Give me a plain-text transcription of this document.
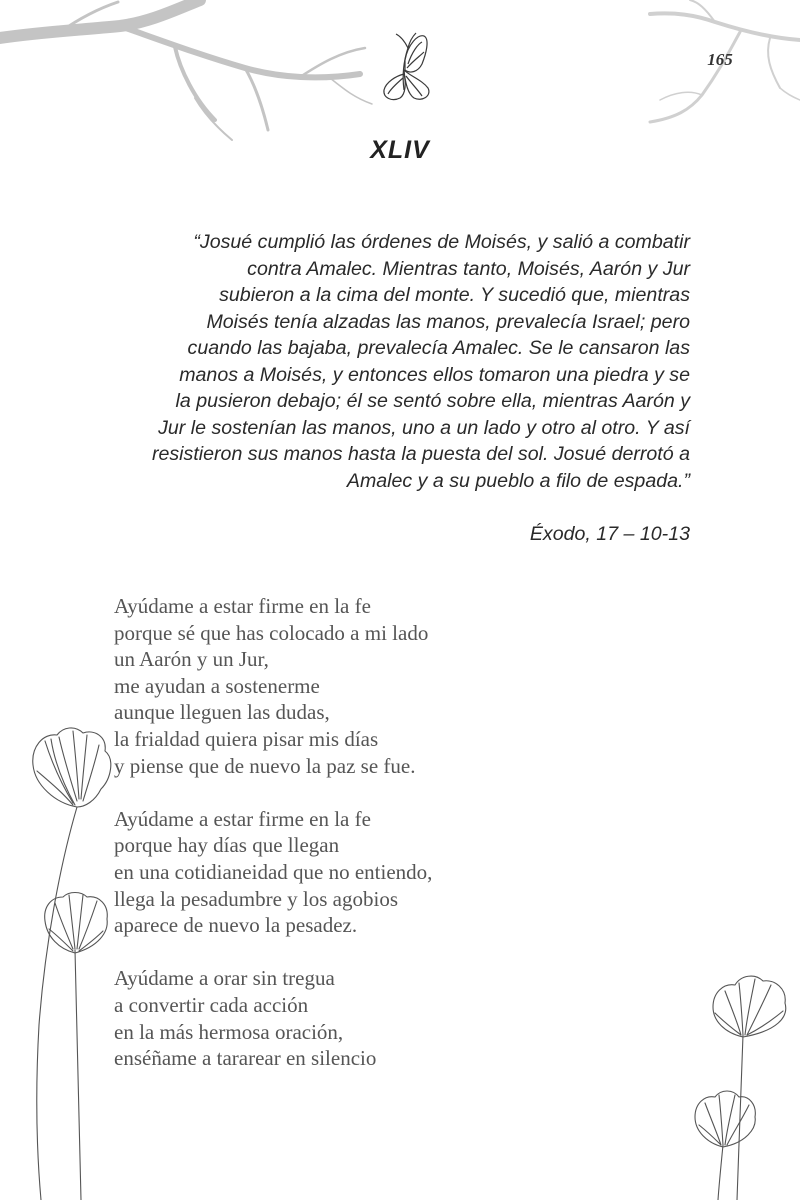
165
XLIV
“Josué cumplió las órdenes de Moisés, y salió a combatir
contra Amalec. Mientras tanto, Moisés, Aarón y Jur
subieron a la cima del monte. Y sucedió que, mientras
Moisés tenía alzadas las manos, prevalecía Israel; pero
cuando las bajaba, prevalecía Amalec. Se le cansaron las
manos a Moisés, y entonces ellos tomaron una piedra y se
la pusieron debajo; él se sentó sobre ella, mientras Aarón y
Jur le sostenían las manos, uno a un lado y otro al otro. Y así
resistieron sus manos hasta la puesta del sol. Josué derrotó a
Amalec y a su pueblo a filo de espada.”
Éxodo, 17 – 10-13
Ayúdame a estar firme en la fe
porque sé que has colocado a mi lado
un Aarón y un Jur,
me ayudan a sostenerme
aunque lleguen las dudas,
la frialdad quiera pisar mis días
y piense que de nuevo la paz se fue.
Ayúdame a estar firme en la fe
porque hay días que llegan
en una cotidianeidad que no entiendo,
llega la pesadumbre y los agobios
aparece de nuevo la pesadez.
Ayúdame a orar sin tregua
a convertir cada acción
en la más hermosa oración,
enséñame a tararear en silencio
